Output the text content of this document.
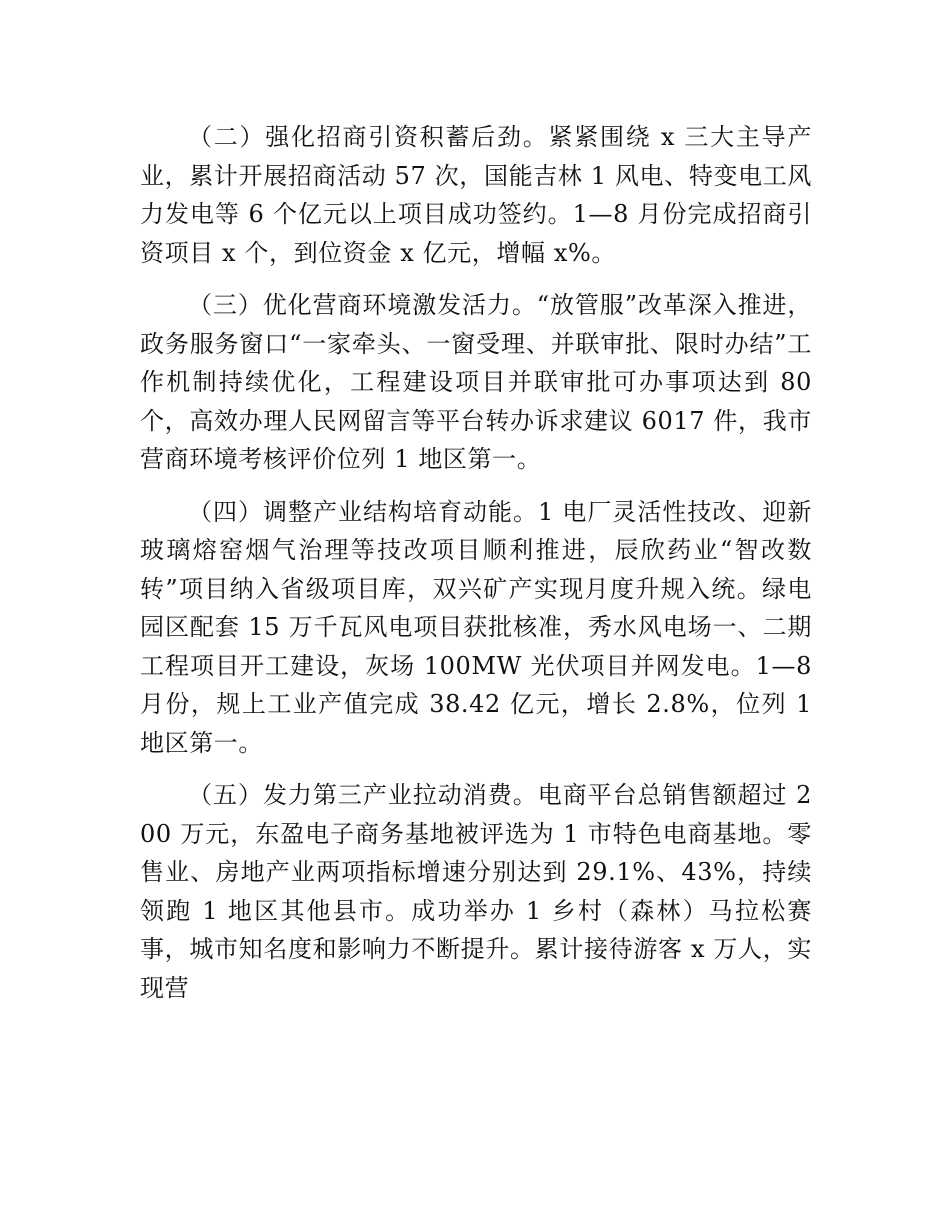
（二）强化招商引资积蓄后劲。紧紧围绕 x 三大主导产业，累计开展招商活动 57 次，国能吉林 1 风电、特变电工风力发电等 6 个亿元以上项目成功签约。1—8 月份完成招商引资项目 x 个，到位资金 x 亿元，增幅 x%。

（三）优化营商环境激发活力。“放管服”改革深入推进，政务服务窗口“一家牵头、一窗受理、并联审批、限时办结”工作机制持续优化，工程建设项目并联审批可办事项达到 80 个，高效办理人民网留言等平台转办诉求建议 6017 件，我市营商环境考核评价位列 1 地区第一。

（四）调整产业结构培育动能。1 电厂灵活性技改、迎新玻璃熔窑烟气治理等技改项目顺利推进，辰欣药业“智改数转”项目纳入省级项目库，双兴矿产实现月度升规入统。绿电园区配套 15 万千瓦风电项目获批核准，秀水风电场一、二期工程项目开工建设，灰场 100MW 光伏项目并网发电。1—8 月份，规上工业产值完成 38.42 亿元，增长 2.8%，位列 1 地区第一。

（五）发力第三产业拉动消费。电商平台总销售额超过 200 万元，东盈电子商务基地被评选为 1 市特色电商基地。零售业、房地产业两项指标增速分别达到 29.1%、43%，持续领跑 1 地区其他县市。成功举办 1 乡村（森林）马拉松赛事，城市知名度和影响力不断提升。累计接待游客 x 万人，实现营
